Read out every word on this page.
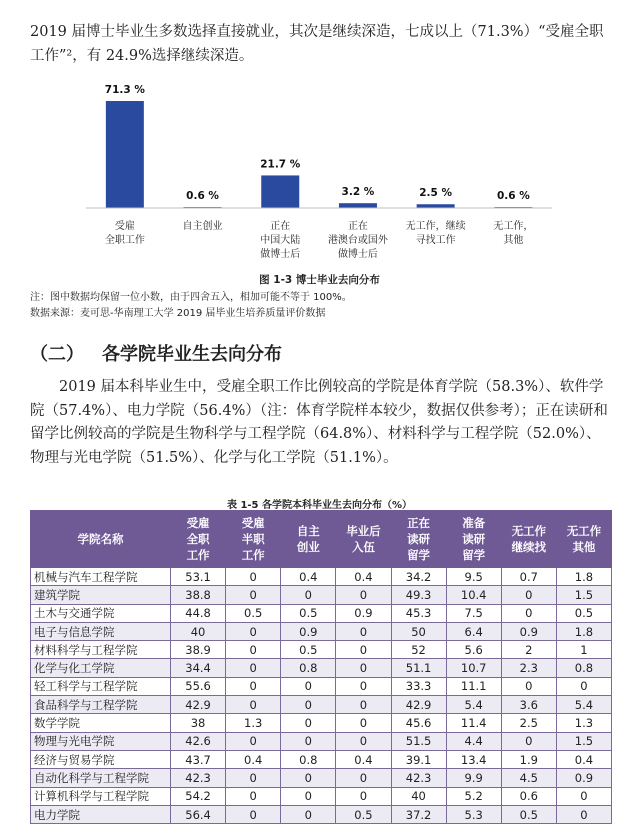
2019 届博士毕业生多数选择直接就业，其次是继续深造，七成以上（71.3%）“受雇全职工作”²，有 24.9%选择继续深造。

71.3 %
受雇全职工作
0.6 %
自主创业
21.7 %
正在中国大陆做博士后
3.2 %
正在港澳台或国外做博士后
2.5 %
无工作，继续寻找工作
0.6 %
无工作，其他
图 1-3 博士毕业去向分布
注：图中数据均保留一位小数，由于四舍五入，相加可能不等于 100%。
数据来源：麦可思-华南理工大学 2019 届毕业生培养质量评价数据
（二） 各学院毕业生去向分布

2019 届本科毕业生中，受雇全职工作比例较高的学院是体育学院（58.3%）、软件学院（57.4%）、电力学院（56.4%）（注：体育学院样本较少，数据仅供参考）；正在读研和留学比例较高的学院是生物科学与工程学院（64.8%）、材料科学与工程学院（52.0%）、物理与光电学院（51.5%）、化学与化工学院（51.1%）。

表 1-5 各学院本科毕业生去向分布（%）
学院名称	受雇
全职
工作	受雇
半职
工作	自主
创业	毕业后
入伍	正在
读研
留学	准备
读研
留学	无工作
继续找	无工作
其他
机械与汽车工程学院	53.1	0	0.4	0.4	34.2	9.5	0.7	1.8
建筑学院	38.8	0	0	0	49.3	10.4	0	1.5
土木与交通学院	44.8	0.5	0.5	0.9	45.3	7.5	0	0.5
电子与信息学院	40	0	0.9	0	50	6.4	0.9	1.8
材料科学与工程学院	38.9	0	0.5	0	52	5.6	2	1
化学与化工学院	34.4	0	0.8	0	51.1	10.7	2.3	0.8
轻工科学与工程学院	55.6	0	0	0	33.3	11.1	0	0
食品科学与工程学院	42.9	0	0	0	42.9	5.4	3.6	5.4
数学学院	38	1.3	0	0	45.6	11.4	2.5	1.3
物理与光电学院	42.6	0	0	0	51.5	4.4	0	1.5
经济与贸易学院	43.7	0.4	0.8	0.4	39.1	13.4	1.9	0.4
自动化科学与工程学院	42.3	0	0	0	42.3	9.9	4.5	0.9
计算机科学与工程学院	54.2	0	0	0	40	5.2	0.6	0
电力学院	56.4	0	0	0.5	37.2	5.3	0.5	0
